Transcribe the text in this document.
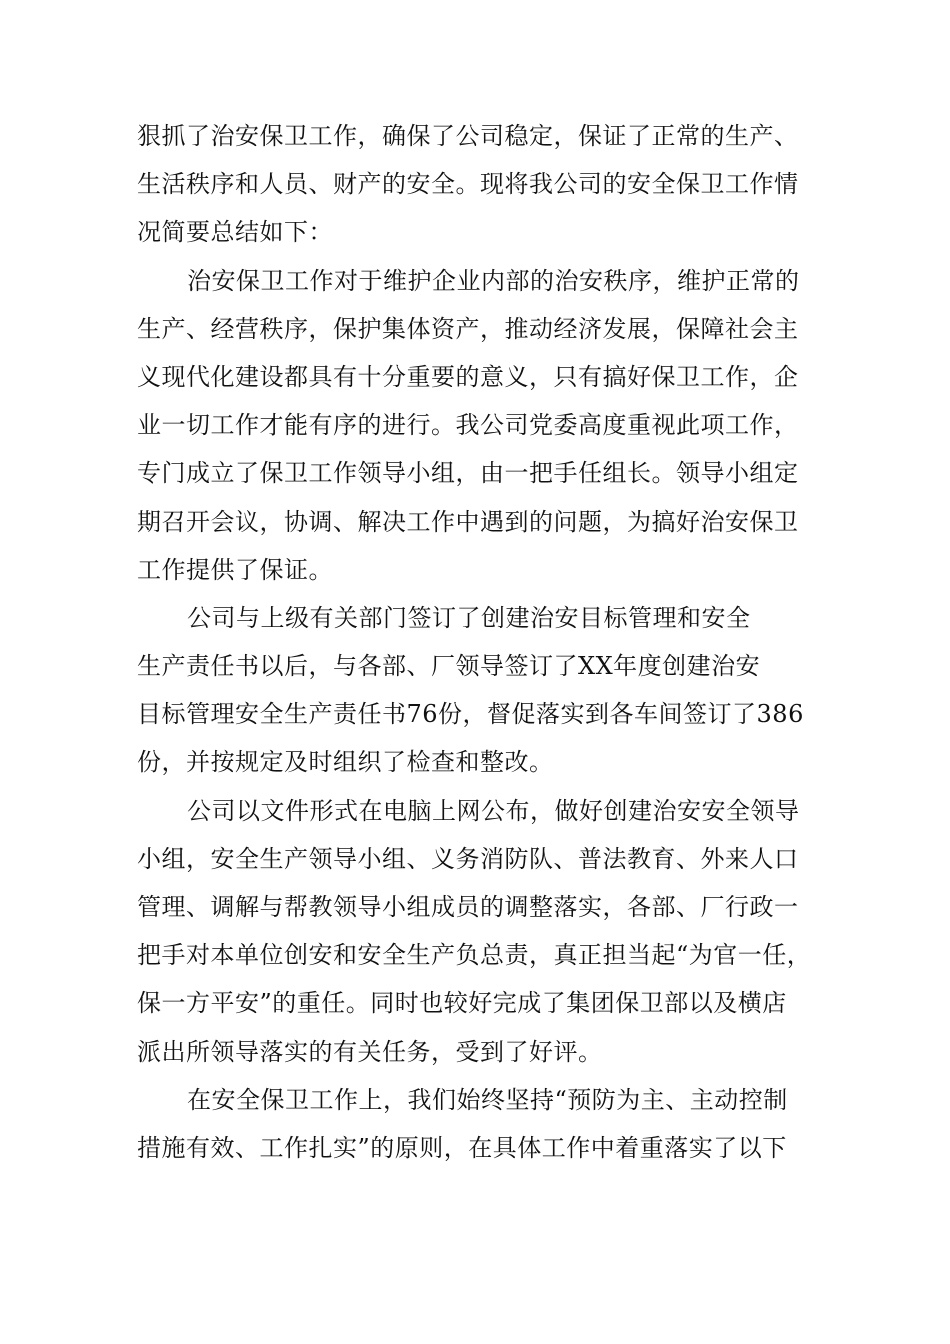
狠抓了治安保卫工作，确保了公司稳定，保证了正常的生产、
生活秩序和人员、财产的安全。现将我公司的安全保卫工作情
况简要总结如下：
治安保卫工作对于维护企业内部的治安秩序，维护正常的
生产、经营秩序，保护集体资产，推动经济发展，保障社会主
义现代化建设都具有十分重要的意义，只有搞好保卫工作，企
业一切工作才能有序的进行。我公司党委高度重视此项工作，
专门成立了保卫工作领导小组，由一把手任组长。领导小组定
期召开会议，协调、解决工作中遇到的问题，为搞好治安保卫
工作提供了保证。
公司与上级有关部门签订了创建治安目标管理和安全
生产责任书以后，与各部、厂领导签订了XX年度创建治安
目标管理安全生产责任书76份，督促落实到各车间签订了386
份，并按规定及时组织了检查和整改。
公司以文件形式在电脑上网公布，做好创建治安安全领导
小组，安全生产领导小组、义务消防队、普法教育、外来人口
管理、调解与帮教领导小组成员的调整落实，各部、厂行政一
把手对本单位创安和安全生产负总责，真正担当起“为官一任，
保一方平安”的重任。同时也较好完成了集团保卫部以及横店
派出所领导落实的有关任务，受到了好评。
在安全保卫工作上，我们始终坚持“预防为主、主动控制
措施有效、工作扎实”的原则，在具体工作中着重落实了以下
